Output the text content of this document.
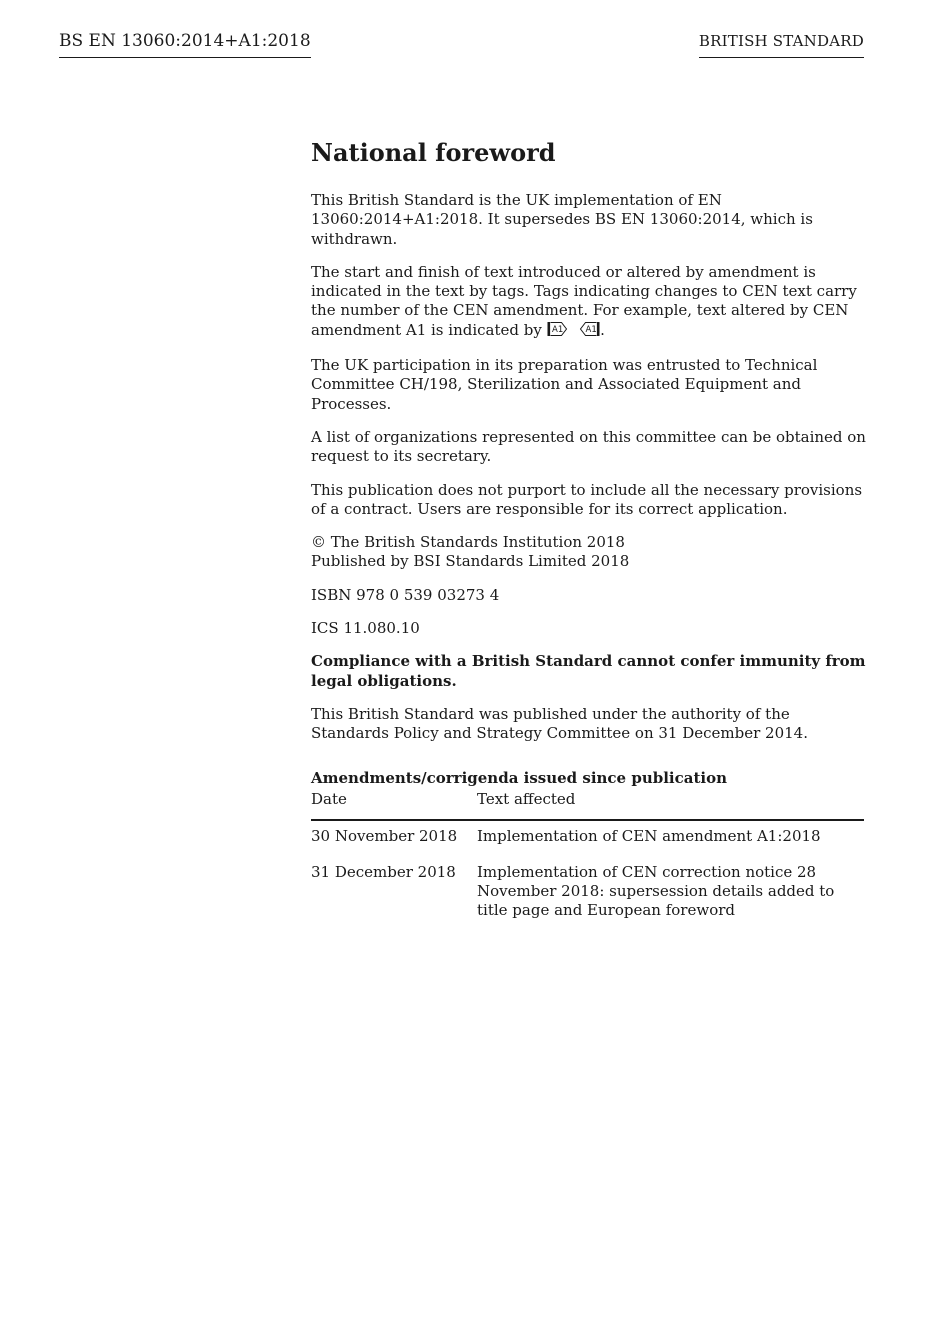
BS EN 13060:2014+A1:2018	BRITISH STANDARD
National foreword

This British Standard is the UK implementation of EN 13060:2014+A1:2018. It supersedes BS EN 13060:2014, which is withdrawn.

The start and finish of text introduced or altered by amendment is indicated in the text by tags. Tags indicating changes to CEN text carry the number of the CEN amendment. For example, text altered by CEN amendment A1 is indicated by A1
	A1 .

The UK participation in its preparation was entrusted to Technical Committee CH/198, Sterilization and Associated Equipment and Processes.

A list of organizations represented on this committee can be obtained on request to its secretary.

This publication does not purport to include all the necessary provisions of a contract. Users are responsible for its correct application.

© The British Standards Institution 2018
Published by BSI Standards Limited 2018

ISBN 978 0 539 03273 4

ICS 11.080.10

Compliance with a British Standard cannot confer immunity from legal obligations.

This British Standard was published under the authority of the Standards Policy and Strategy Committee on 31 December 2014.

Amendments/corrigenda issued since publication
Date	Text affected
30 November 2018	Implementation of CEN amendment A1:2018
31 December 2018	Implementation of CEN correction notice 28 November 2018: supersession details added to title page and European foreword
